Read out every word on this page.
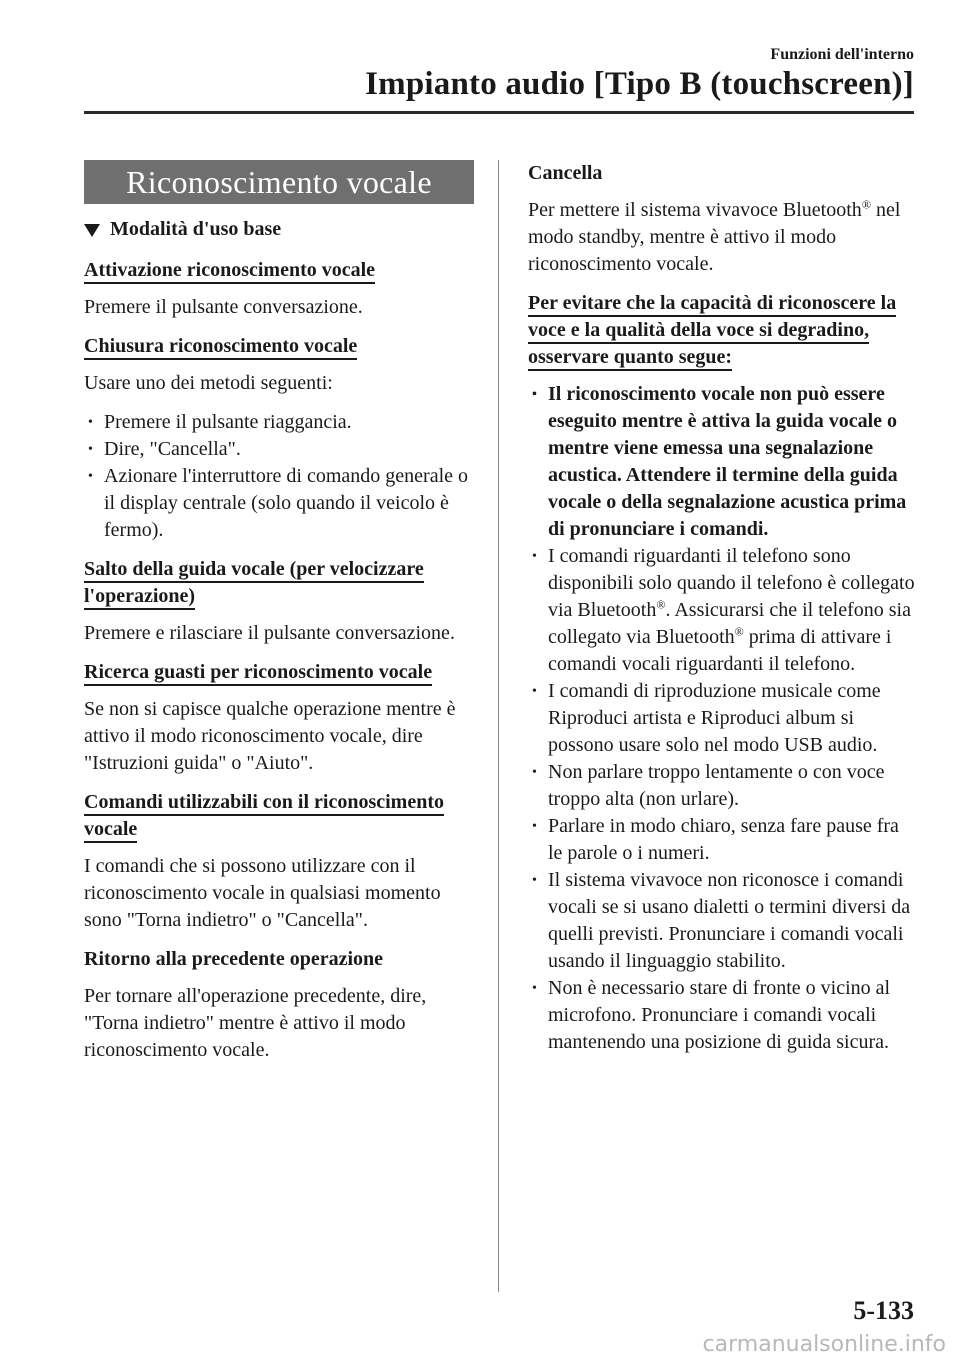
Funzioni dell'interno
Impianto audio [Tipo B (touchscreen)]
Riconoscimento vocale
Modalità d'uso base
Attivazione riconoscimento vocale

Premere il pulsante conversazione.

Chiusura riconoscimento vocale

Usare uno dei metodi seguenti:

• Premere il pulsante riaggancia.
• Dire, "Cancella".
• Azionare l'interruttore di comando generale o il display centrale (solo quando il veicolo è fermo).
Salto della guida vocale (per velocizzare l'operazione)

Premere e rilasciare il pulsante conversazione.

Ricerca guasti per riconoscimento vocale

Se non si capisce qualche operazione mentre è attivo il modo riconoscimento vocale, dire "Istruzioni guida" o "Aiuto".

Comandi utilizzabili con il riconoscimento vocale

I comandi che si possono utilizzare con il riconoscimento vocale in qualsiasi momento sono "Torna indietro" o "Cancella".

Ritorno alla precedente operazione

Per tornare all'operazione precedente, dire, "Torna indietro" mentre è attivo il modo riconoscimento vocale.

Cancella

Per mettere il sistema vivavoce Bluetooth® nel modo standby, mentre è attivo il modo riconoscimento vocale.

Per evitare che la capacità di riconoscere la voce e la qualità della voce si degradino, osservare quanto segue:
• Il riconoscimento vocale non può essere eseguito mentre è attiva la guida vocale o mentre viene emessa una segnalazione acustica. Attendere il termine della guida vocale o della segnalazione acustica prima di pronunciare i comandi.
• I comandi riguardanti il telefono sono disponibili solo quando il telefono è collegato via Bluetooth®. Assicurarsi che il telefono sia collegato via Bluetooth® prima di attivare i comandi vocali riguardanti il telefono.
• I comandi di riproduzione musicale come Riproduci artista e Riproduci album si possono usare solo nel modo USB audio.
• Non parlare troppo lentamente o con voce troppo alta (non urlare).
• Parlare in modo chiaro, senza fare pause fra le parole o i numeri.
• Il sistema vivavoce non riconosce i comandi vocali se si usano dialetti o termini diversi da quelli previsti. Pronunciare i comandi vocali usando il linguaggio stabilito.
• Non è necessario stare di fronte o vicino al microfono. Pronunciare i comandi vocali mantenendo una posizione di guida sicura.
5-133
carmanualsonline.info
